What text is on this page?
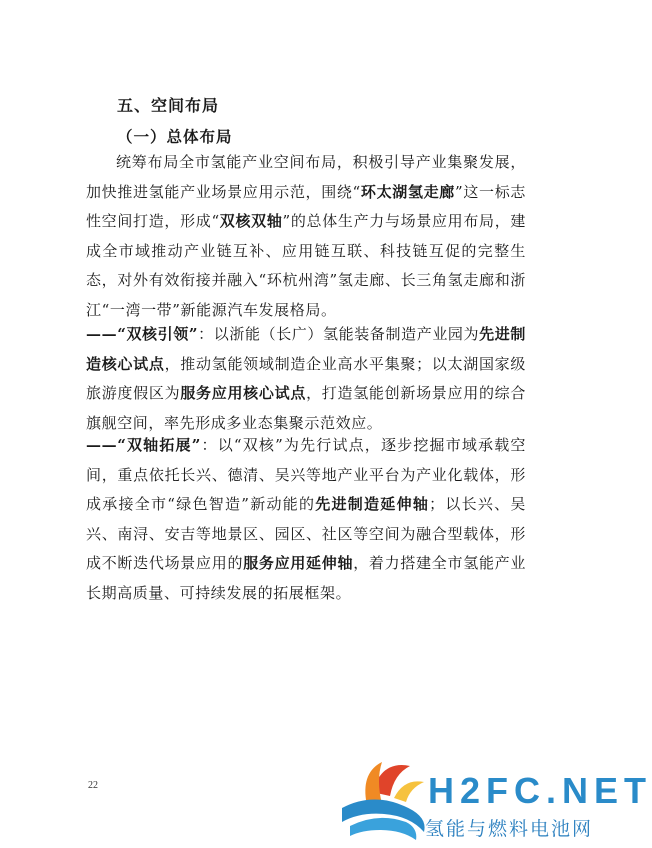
五、空间布局
（一）总体布局

统筹布局全市氢能产业空间布局，积极引导产业集聚发展，加快推进氢能产业场景应用示范，围绕“环太湖氢走廊”这一标志性空间打造，形成“双核双轴”的总体生产力与场景应用布局，建成全市域推动产业链互补、应用链互联、科技链互促的完整生态，对外有效衔接并融入“环杭州湾”氢走廊、长三角氢走廊和浙江“一湾一带”新能源汽车发展格局。

——“双核引领”：以浙能（长广）氢能装备制造产业园为先进制造核心试点，推动氢能领域制造企业高水平集聚；以太湖国家级旅游度假区为服务应用核心试点，打造氢能创新场景应用的综合旗舰空间，率先形成多业态集聚示范效应。

——“双轴拓展”：以“双核”为先行试点，逐步挖掘市域承载空间，重点依托长兴、德清、吴兴等地产业平台为产业化载体，形成承接全市“绿色智造”新动能的先进制造延伸轴；以长兴、吴兴、南浔、安吉等地景区、园区、社区等空间为融合型载体，形成不断迭代场景应用的服务应用延伸轴，着力搭建全市氢能产业长期高质量、可持续发展的拓展框架。

22	H2FC.NET
氢能与燃料电池网
